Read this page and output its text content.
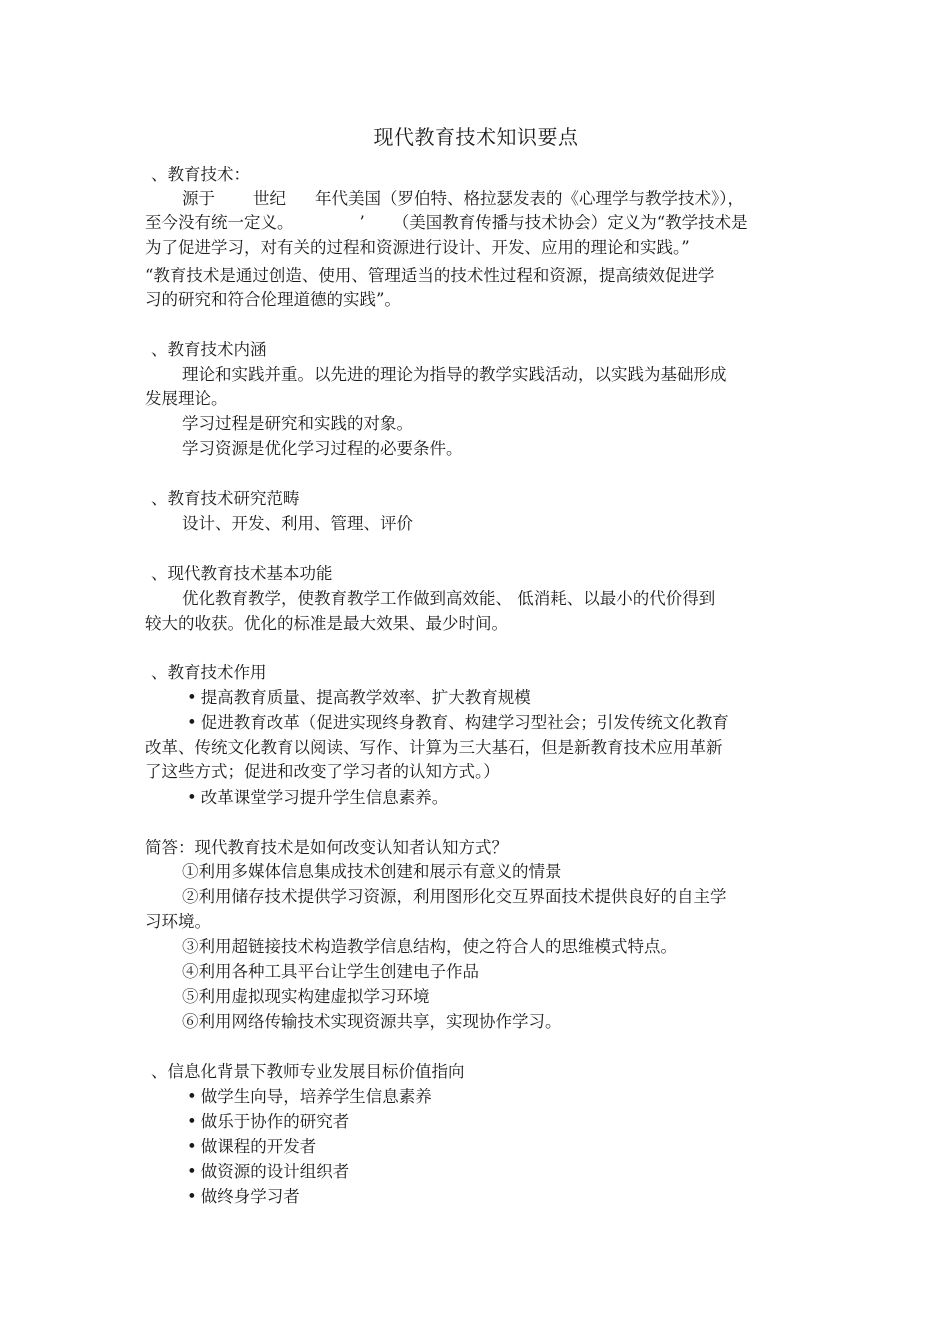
现代教育技术知识要点
、教育技术：
源于 世纪 年代美国（罗伯特、格拉瑟发表的《心理学与教学技术》），
至今没有统一定义。	’ （美国教育传播与技术协会）定义为“教学技术是
为了促进学习，对有关的过程和资源进行设计、开发、应用的理论和实践。”
“教育技术是通过创造、使用、管理适当的技术性过程和资源，提高绩效促进学
习的研究和符合伦理道德的实践”。
、教育技术内涵
理论和实践并重。以先进的理论为指导的教学实践活动，以实践为基础形成
发展理论。
学习过程是研究和实践的对象。
学习资源是优化学习过程的必要条件。
、教育技术研究范畴
设计、开发、利用、管理、评价
、现代教育技术基本功能
优化教育教学，使教育教学工作做到高效能、 低消耗、以最小的代价得到
较大的收获。优化的标准是最大效果、最少时间。
、教育技术作用
• 提高教育质量、提高教学效率、扩大教育规模
• 促进教育改革（促进实现终身教育、构建学习型社会；引发传统文化教育
改革、传统文化教育以阅读、写作、计算为三大基石，但是新教育技术应用革新
了这些方式；促进和改变了学习者的认知方式。）
• 改革课堂学习提升学生信息素养。
简答：现代教育技术是如何改变认知者认知方式？
①利用多媒体信息集成技术创建和展示有意义的情景
②利用储存技术提供学习资源，利用图形化交互界面技术提供良好的自主学
习环境。
③利用超链接技术构造教学信息结构，使之符合人的思维模式特点。
④利用各种工具平台让学生创建电子作品
⑤利用虚拟现实构建虚拟学习环境
⑥利用网络传输技术实现资源共享，实现协作学习。
、信息化背景下教师专业发展目标价值指向
• 做学生向导，培养学生信息素养
• 做乐于协作的研究者
• 做课程的开发者
• 做资源的设计组织者
• 做终身学习者
